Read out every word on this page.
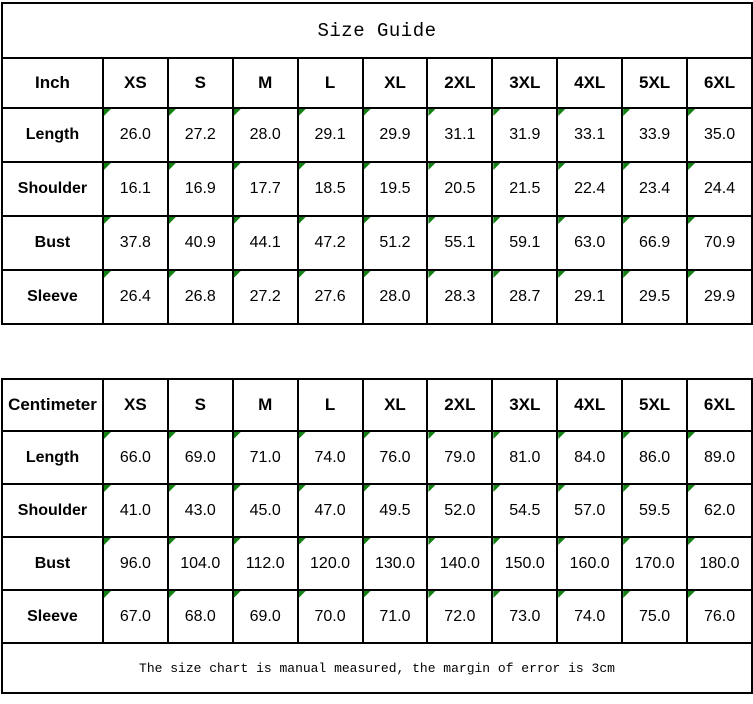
Size Guide										
Inch	XS	S	M	L	XL	2XL	3XL	4XL	5XL	6XL
Length	26.0	27.2	28.0	29.1	29.9	31.1	31.9	33.1	33.9	35.0

Shoulder	16.1	16.9	17.7	18.5	19.5	20.5	21.5	22.4	23.4	24.4

Bust	37.8	40.9	44.1	47.2	51.2	55.1	59.1	63.0	66.9	70.9

Sleeve	26.4	26.8	27.2	27.6	28.0	28.3	28.7	29.1	29.5	29.9
Centimeter	XS	S	M	L	XL	2XL	3XL	4XL	5XL	6XL
Length	66.0	69.0	71.0	74.0	76.0	79.0	81.0	84.0	86.0	89.0

Shoulder	41.0	43.0	45.0	47.0	49.5	52.0	54.5	57.0	59.5	62.0

Bust	96.0	104.0	112.0	120.0	130.0	140.0	150.0	160.0	170.0	180.0

Sleeve	67.0	68.0	69.0	70.0	71.0	72.0	73.0	74.0	75.0	76.0

The size chart is manual measured, the margin of error is 3cm										
